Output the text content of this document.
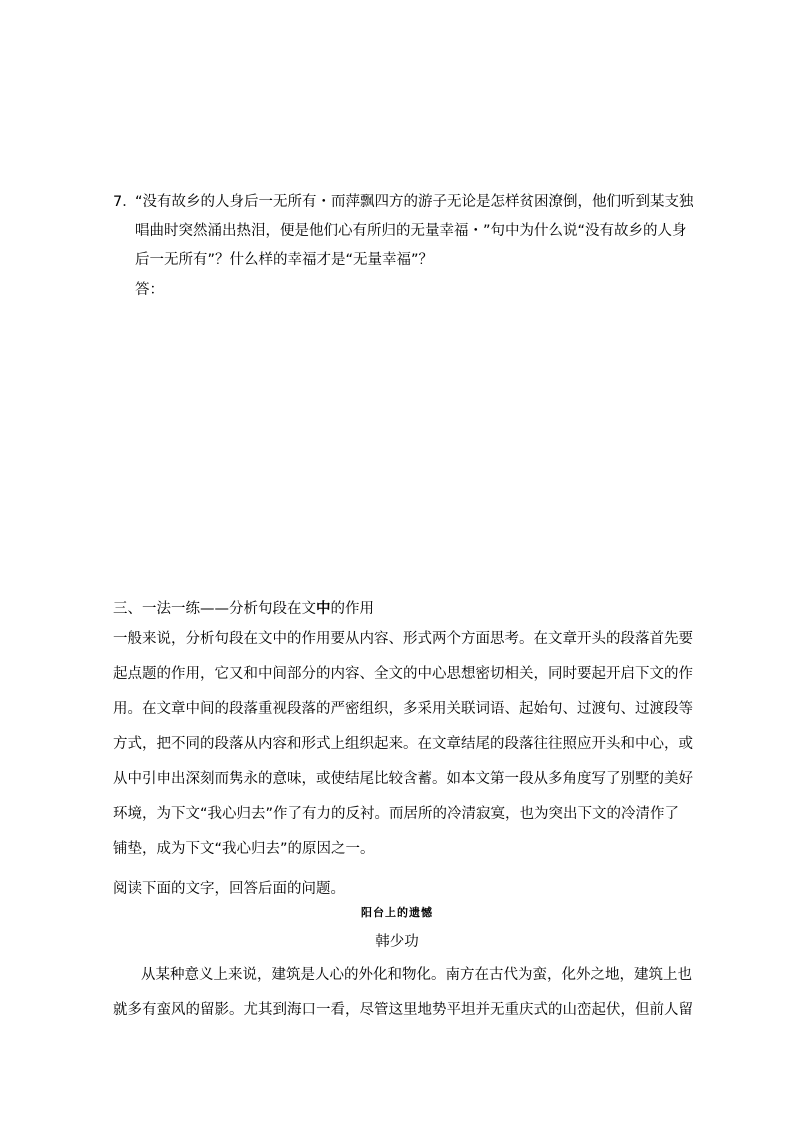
7．
“没有故乡的人身后一无所有・而萍飘四方的游子无论是怎样贫困潦倒，他们听到某支独
唱曲时突然涌出热泪，便是他们心有所归的无量幸福・”句中为什么说“没有故乡的人身
后一无所有”？什么样的幸福才是“无量幸福”？
答：
三、一法一练——分析句段在文中的作用
一般来说，分析句段在文中的作用要从内容、形式两个方面思考。在文章开头的段落首先要
起点题的作用，它又和中间部分的内容、全文的中心思想密切相关，同时要起开启下文的作
用。在文章中间的段落重视段落的严密组织，多采用关联词语、起始句、过渡句、过渡段等
方式，把不同的段落从内容和形式上组织起来。在文章结尾的段落往往照应开头和中心，或
从中引申出深刻而隽永的意味，或使结尾比较含蓄。如本文第一段从多角度写了别墅的美好
环境，为下文“我心归去”作了有力的反衬。而居所的冷清寂寞，也为突出下文的冷清作了
铺垫，成为下文“我心归去”的原因之一。
阅读下面的文字，回答后面的问题。
阳台上的遗憾
韩少功
从某种意义上来说，建筑是人心的外化和物化。南方在古代为蛮，化外之地，建筑上也
就多有蛮风的留影。尤其到海口一看，尽管这里地势平坦并无重庆式的山峦起伏，但前人留
